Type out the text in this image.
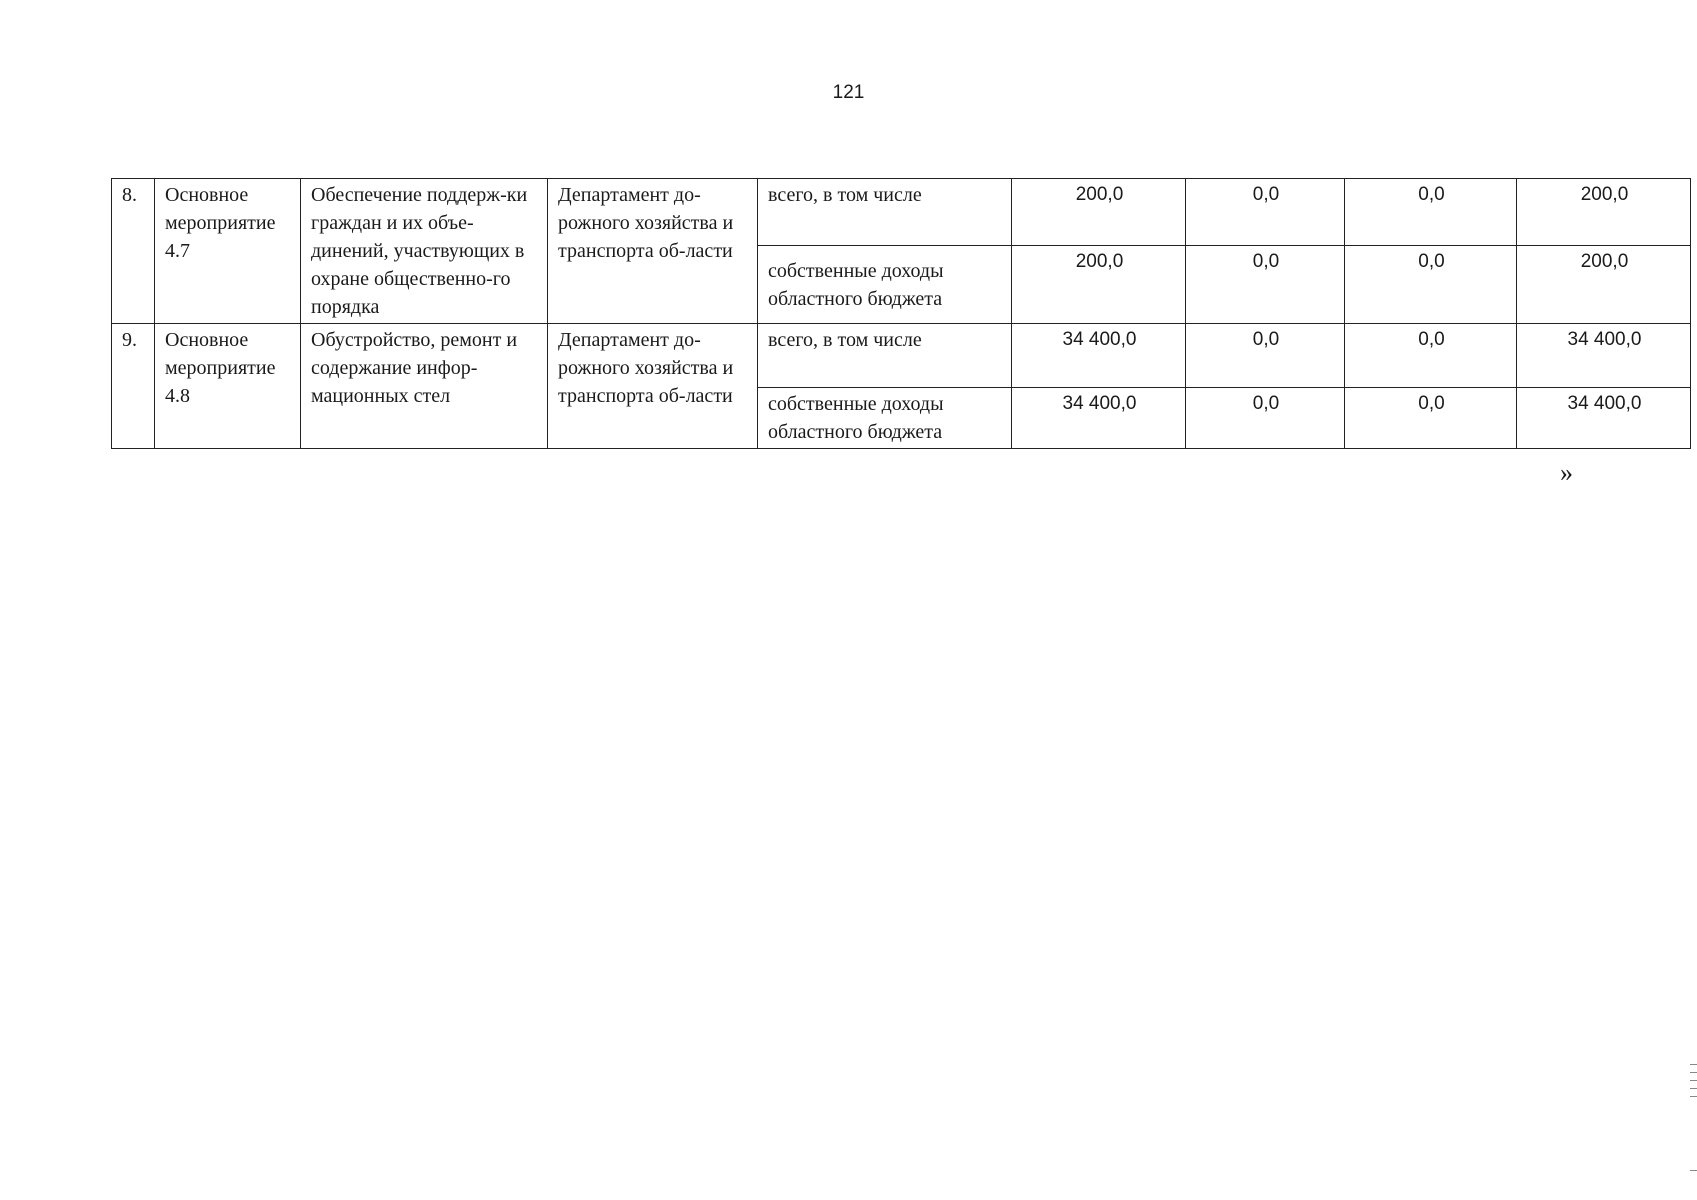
121
8.	Основное мероприятие 4.7	Обеспечение поддерж-ки граждан и их объе-динений, участвующих в охране общественно-го порядка	Департамент до-рожного хозяйства и транспорта об-ласти	всего, в том числе	200,0	0,0	0,0	200,0
				собственные доходы областного бюджета	200,0	0,0	0,0	200,0
9.	Основное мероприятие 4.8	Обустройство, ремонт и содержание инфор-мационных стел	Департамент до-рожного хозяйства и транспорта об-ласти	всего, в том числе	34 400,0	0,0	0,0	34 400,0
				собственные доходы областного бюджета	34 400,0	0,0	0,0	34 400,0
»
